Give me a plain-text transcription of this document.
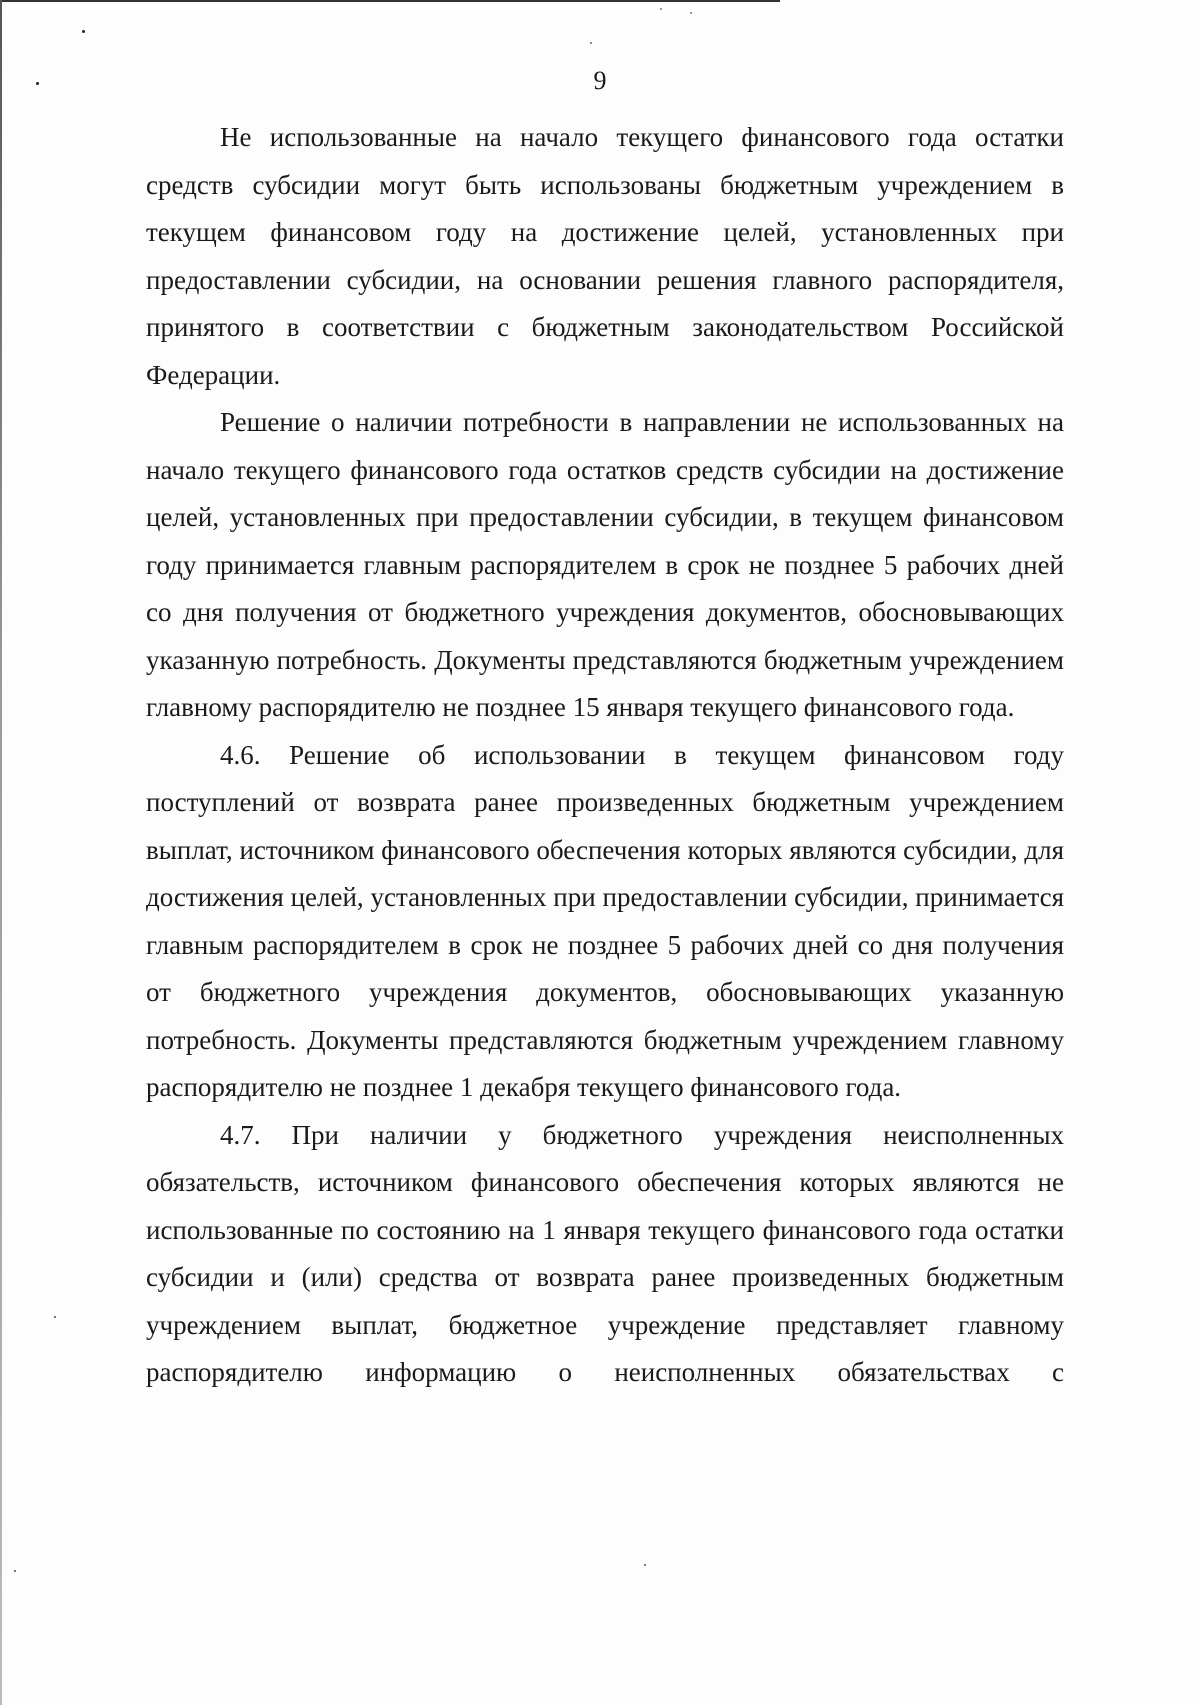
9

Не использованные на начало текущего финансового года остатки средств субсидии могут быть использованы бюджетным учреждением в текущем финансовом году на достижение целей, установленных при предоставлении субсидии, на основании решения главного распорядителя, принятого в соответствии с бюджетным законодательством Российской Федерации.

Решение о наличии потребности в направлении не использованных на начало текущего финансового года остатков средств субсидии на достижение целей, установленных при предоставлении субсидии, в текущем финансовом году принимается главным распорядителем в срок не позднее 5 рабочих дней со дня получения от бюджетного учреждения документов, обосновывающих указанную потребность. Документы представляются бюджетным учреждением главному распорядителю не позднее 15 января текущего финансового года.

4.6. Решение об использовании в текущем финансовом году поступлений от возврата ранее произведенных бюджетным учреждением выплат, источником финансового обеспечения которых являются субсидии, для достижения целей, установленных при предоставлении субсидии, принимается главным распорядителем в срок не позднее 5 рабочих дней со дня получения от бюджетного учреждения документов, обосновывающих указанную потребность. Документы представляются бюджетным учреждением главному распорядителю не позднее 1 декабря текущего финансового года.

4.7. При наличии у бюджетного учреждения неисполненных обязательств, источником финансового обеспечения которых являются не использованные по состоянию на 1 января текущего финансового года остатки субсидии и (или) средства от возврата ранее произведенных бюджетным учреждением выплат, бюджетное учреждение представляет главному распорядителю информацию о неисполненных обязательствах с
